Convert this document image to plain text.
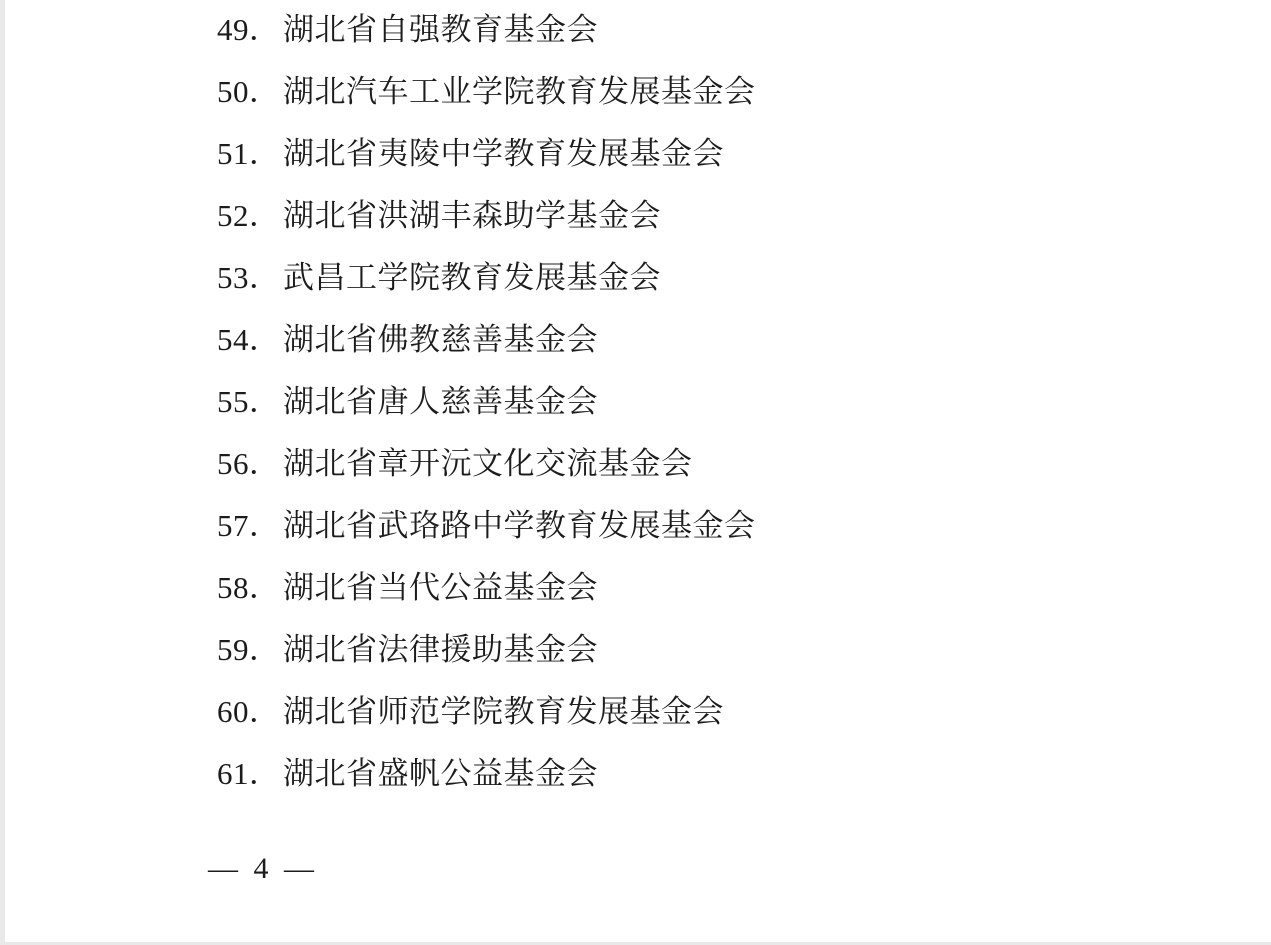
49．湖北省自强教育基金会
50．湖北汽车工业学院教育发展基金会
51．湖北省夷陵中学教育发展基金会
52．湖北省洪湖丰森助学基金会
53．武昌工学院教育发展基金会
54．湖北省佛教慈善基金会
55．湖北省唐人慈善基金会
56．湖北省章开沅文化交流基金会
57．湖北省武珞路中学教育发展基金会
58．湖北省当代公益基金会
59．湖北省法律援助基金会
60．湖北省师范学院教育发展基金会
61．湖北省盛帆公益基金会
— 4 —
